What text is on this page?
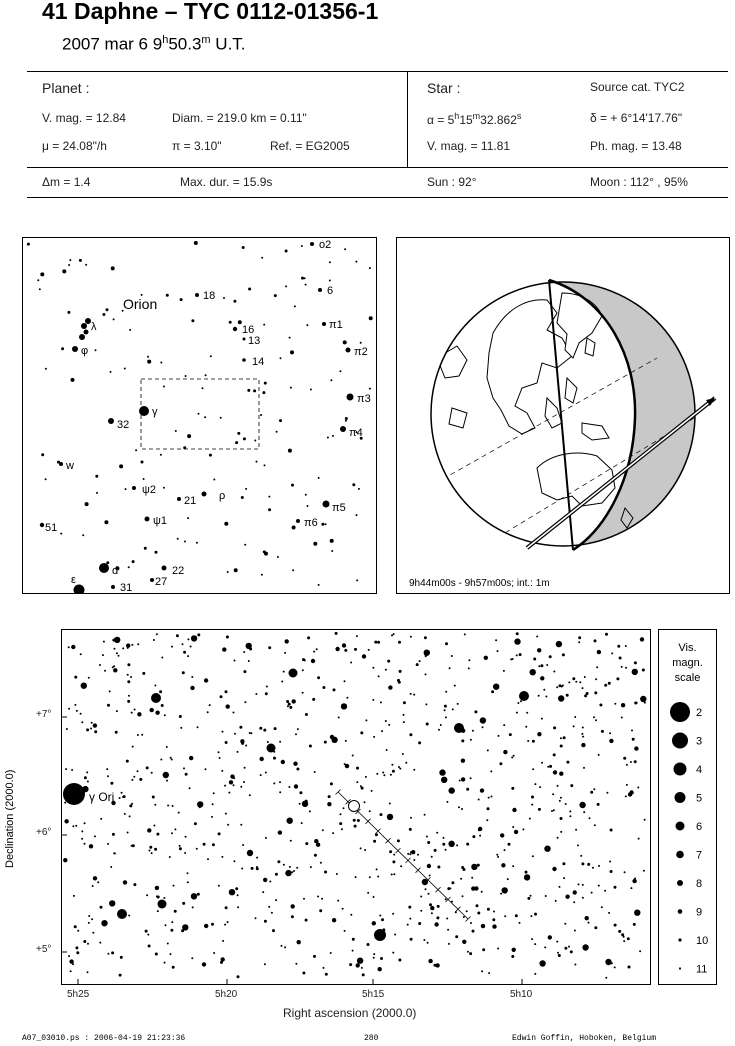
41 Daphne – TYC 0112-01356-1
2007 mar 6 9$^h$50.3$^m$ U.T.
Planet :
V. mag. = 12.84	Diam. = 219.0 km = 0.11"
μ = 24.08"/h	π = 3.10"	Ref. = EG2005
Star :	Source cat. TYC2
$\alpha = 5^h15^m32.862^s$	δ = + 6°14'17.76"
V. mag. = 11.81	Ph. mag. = 13.48
Δm = 1.4	Max. dur. = 15.9s	Sun : 92°	Moon : 112° , 95%
Orion
o2
6
18
16
13
14
π1
π2
π3
π4
λ
φ
γ
32
w
ψ2
21 ρ
ψ1
π5
π6
51
d	22
27
ε
31	9h44m00s - 9h57m00s; int.: 1m
Declination (2000.0)	γ Ori
+7°
+6°
+5°
5h25	5h20	5h15	5h10
Right ascension (2000.0)
Vis.
magn.
scale
2
3
4
5
6
7
8
9
10
11
A07_03010.ps : 2006-04-19 21:23:36	280	Edwin Goffin, Hoboken, Belgium
